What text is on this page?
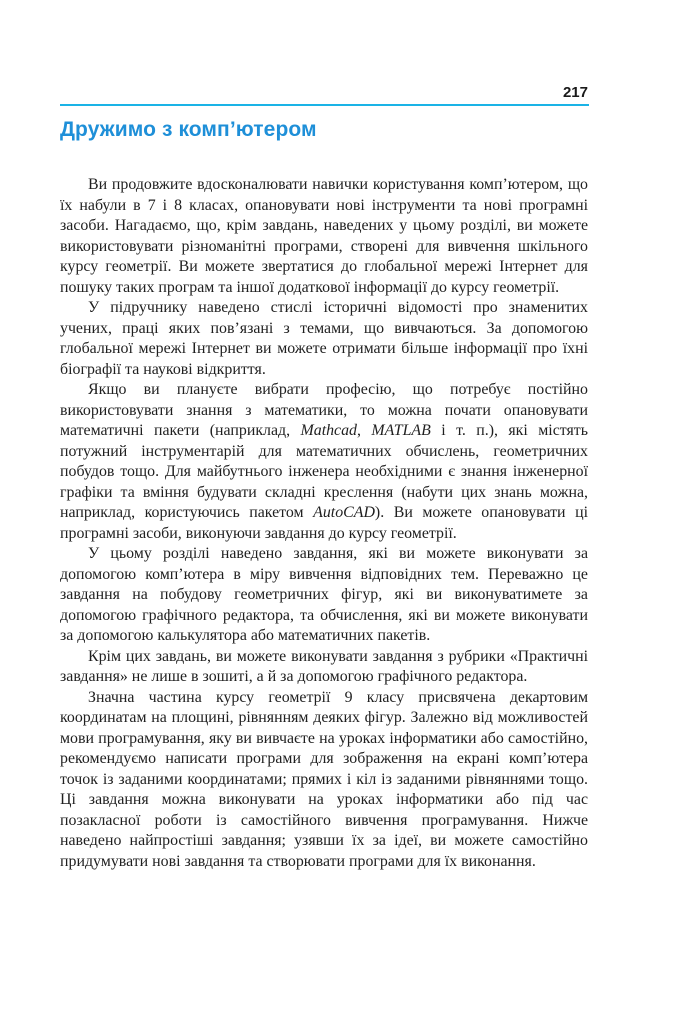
217
Дружимо з комп’ютером

Ви продовжите вдосконалювати навички користування комп’ютером, що їх набули в 7 і 8 класах, опановувати нові інструменти та нові програмні засоби. Нагадаємо, що, крім завдань, наведених у цьому розділі, ви можете використовувати різноманітні програми, створені для вивчення шкільного курсу геометрії. Ви можете звертатися до глобальної мережі Інтернет для пошуку таких програм та іншої додаткової інформації до курсу геометрії.

У підручнику наведено стислі історичні відомості про знаменитих учених, праці яких пов’язані з темами, що вивчаються. За допомогою глобальної мережі Інтернет ви можете отримати більше інформації про їхні біографії та наукові відкриття.

Якщо ви плануєте вибрати професію, що потребує постійно використовувати знання з математики, то можна почати опановувати математичні пакети (наприклад, Mathcad, MATLAB і т. п.), які містять потужний інструментарій для математичних обчислень, геометричних побудов тощо. Для майбутнього інженера необхідними є знання інженерної графіки та вміння будувати складні креслення (набути цих знань можна, наприклад, користуючись пакетом AutoCAD). Ви можете опановувати ці програмні засоби, виконуючи завдання до курсу геометрії.

У цьому розділі наведено завдання, які ви можете виконувати за допомогою комп’ютера в міру вивчення відповідних тем. Переважно це завдання на побудову геометричних фігур, які ви виконуватимете за допомогою графічного редактора, та обчислення, які ви можете виконувати за допомогою калькулятора або математичних пакетів.

Крім цих завдань, ви можете виконувати завдання з рубрики «Практичні завдання» не лише в зошиті, а й за допомогою графічного редактора.

Значна частина курсу геометрії 9 класу присвячена декартовим координатам на площині, рівнянням деяких фігур. Залежно від можливостей мови програмування, яку ви вивчаєте на уроках інформатики або самостійно, рекомендуємо написати програми для зображення на екрані комп’ютера точок із заданими координатами; прямих і кіл із заданими рівняннями тощо. Ці завдання можна виконувати на уроках інформатики або під час позакласної роботи із самостійного вивчення програмування. Нижче наведено найпростіші завдання; узявши їх за ідеї, ви можете самостійно придумувати нові завдання та створювати програми для їх виконання.
